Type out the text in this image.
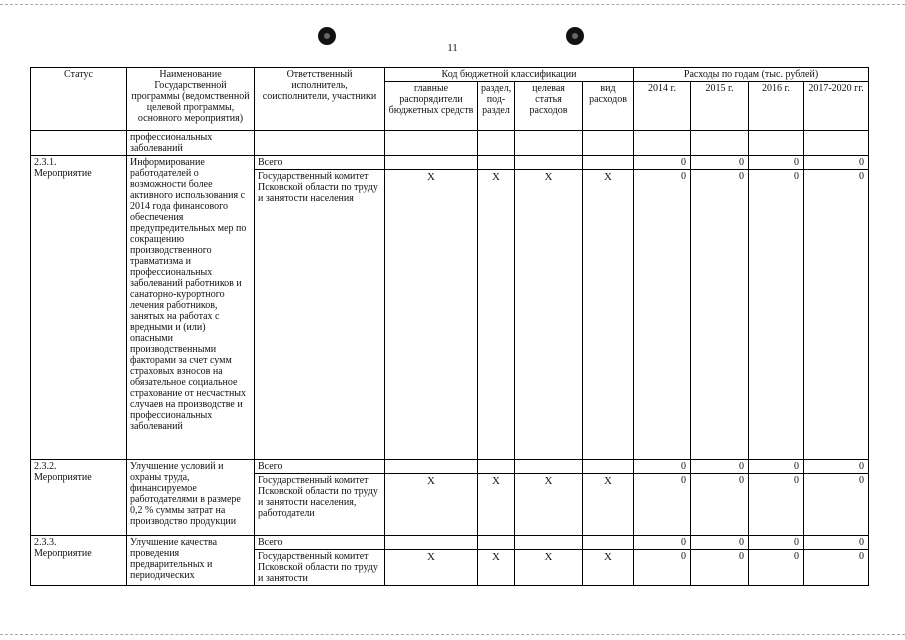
11
Статус	Наименование Государственной программы (ведомственной целевой программы, основного мероприятия)	Ответственный исполнитель, соисполнители, участники	Код бюджетной классификации				Расходы по годам (тыс. рублей)			
			главные распорядители бюджетных средств	раздел, под-раздел	целевая статья расходов	вид расходов	2014 г.	2015 г.	2016 г.	2017-2020 гг.
	профессиональных заболеваний									
2.3.1.
Мероприятие	Информирование работодателей о возможности более активного использования с 2014 года финансового обеспечения предупредительных мер по сокращению производственного травматизма и профессиональных заболеваний работников и санаторно-курортного лечения работников, занятых на работах с вредными и (или) опасными производственными факторами за счет сумм страховых взносов на обязательное социальное страхование от несчастных случаев на производстве и профессиональных заболеваний	Всего					0	0	0	0
		Государственный комитет Псковской области по труду и занятости населения	X	X	X	X	0	0	0	0
2.3.2.
Мероприятие	Улучшение условий и охраны труда, финансируемое работодателями в размере 0,2 % суммы затрат на производство продукции	Всего					0	0	0	0
		Государственный комитет Псковской области по труду и занятости населения, работодатели	X	X	X	X	0	0	0	0
2.3.3.
Мероприятие	Улучшение качества проведения предварительных и периодических	Всего					0	0	0	0
		Государственный комитет Псковской области по труду и занятости	X	X	X	X	0	0	0	0
